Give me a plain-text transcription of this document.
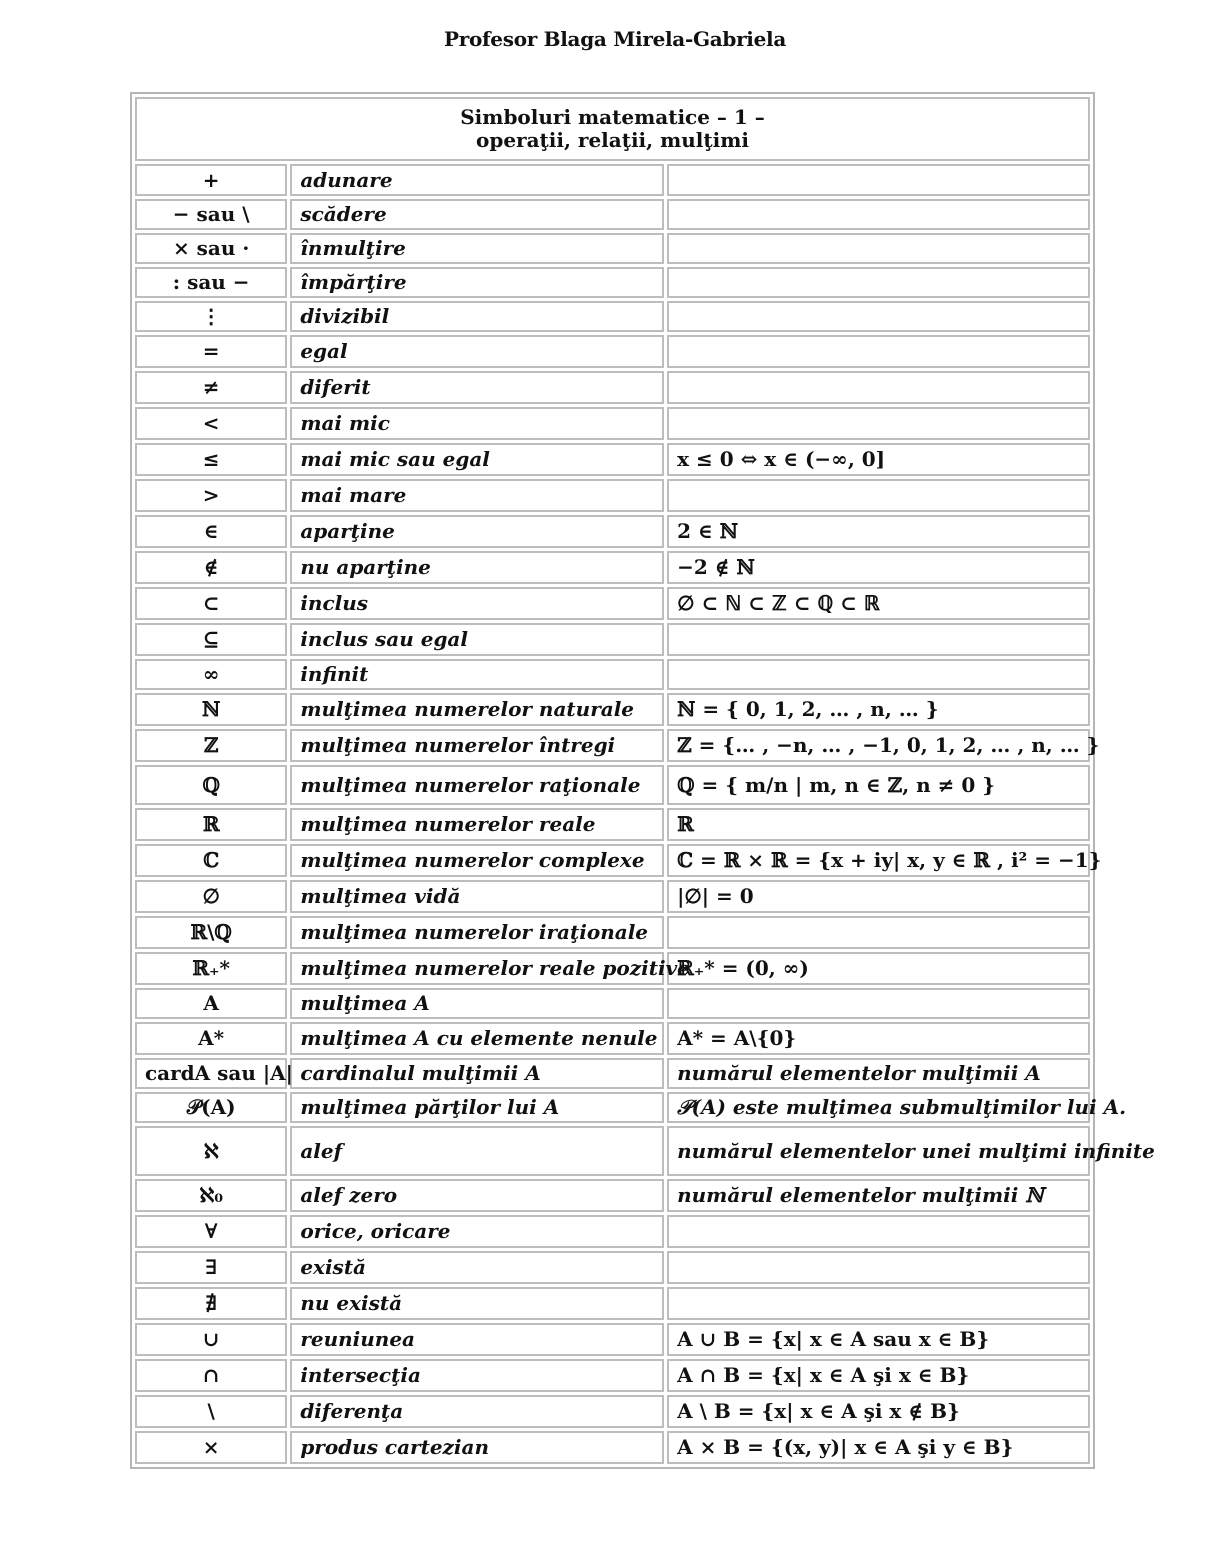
Profesor Blaga Mirela-Gabriela
Simboluri matematice – 1 –
operaţii, relaţii, mulţimi		

+	adunare	
− sau \	scădere	
× sau ·	înmulţire	
: sau −	împărţire	
⋮	divizibil	
=	egal	
≠	diferit	
<	mai mic	
≤	mai mic sau egal	x ≤ 0 ⇔ x ∈ (−∞, 0]
>	mai mare	
∈	aparţine	2 ∈ ℕ
∉	nu aparţine	−2 ∉ ℕ
⊂	inclus	∅ ⊂ ℕ ⊂ ℤ ⊂ ℚ ⊂ ℝ
⊆	inclus sau egal	
∞	infinit	
ℕ	mulţimea numerelor naturale	ℕ = { 0, 1, 2, … , n, … }
ℤ	mulţimea numerelor întregi	ℤ = {… , −n, … , −1, 0, 1, 2, … , n, … }
ℚ	mulţimea numerelor raţionale	ℚ = { m/n | m, n ∈ ℤ, n ≠ 0 }
ℝ	mulţimea numerelor reale	ℝ
ℂ	mulţimea numerelor complexe	ℂ = ℝ × ℝ = {x + iy| x, y ∈ ℝ , i² = −1}
∅	mulţimea vidă	|∅| = 0
ℝ\ℚ	mulţimea numerelor iraţionale	
ℝ₊*	mulţimea numerelor reale pozitive	ℝ₊* = (0, ∞)
A	mulţimea A	
A*	mulţimea A cu elemente nenule	A* = A\{0}
cardA sau |A|	cardinalul mulţimii A	numărul elementelor mulţimii A
𝒫(A)	mulţimea părţilor lui A	𝒫(A) este mulţimea submulţimilor lui A.
ℵ	alef	numărul elementelor unei mulţimi infinite
ℵ₀	alef zero	numărul elementelor mulţimii ℕ
∀	orice, oricare	
∃	există	
∄	nu există	
∪	reuniunea	A ∪ B = {x| x ∈ A sau x ∈ B}
∩	intersecţia	A ∩ B = {x| x ∈ A şi x ∈ B}
\	diferenţa	A \ B = {x| x ∈ A şi x ∉ B}
×	produs cartezian	A × B = {(x, y)| x ∈ A şi y ∈ B}
